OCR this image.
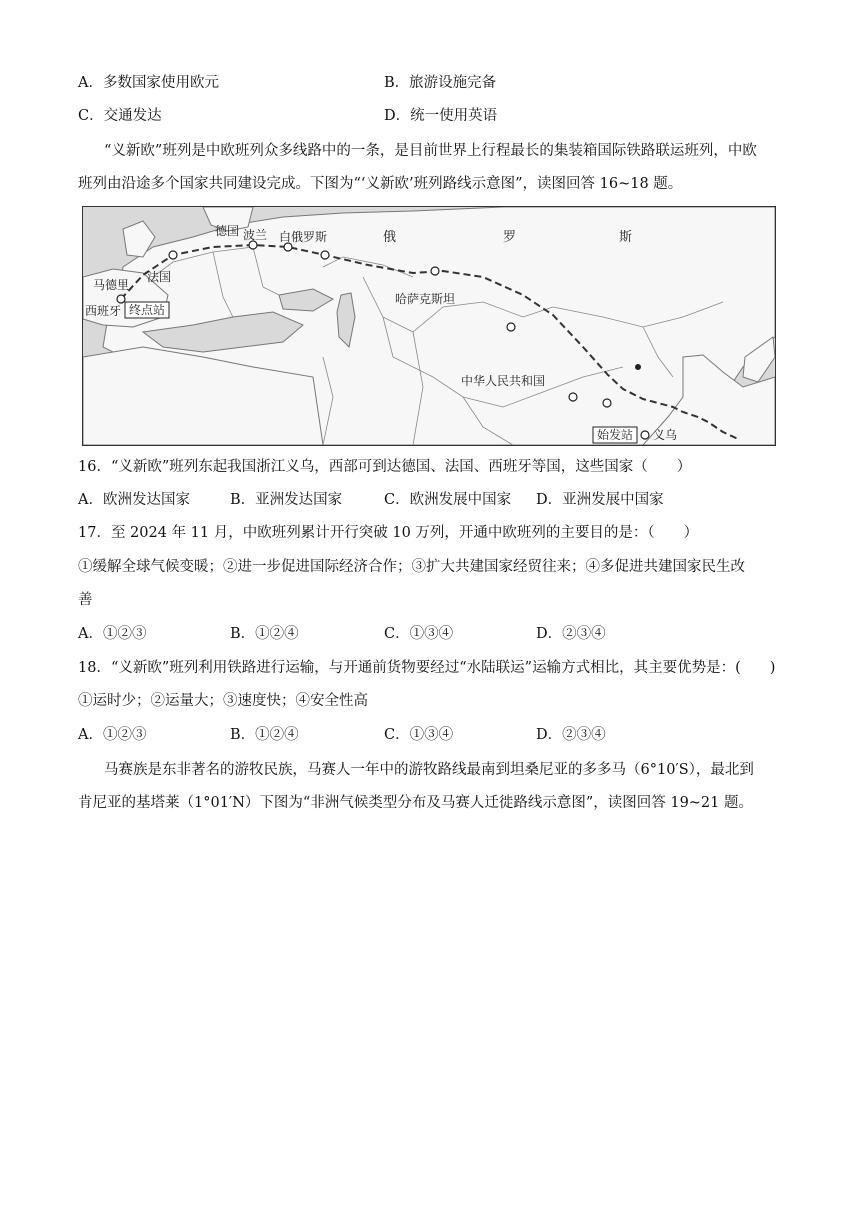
A．多数国家使用欧元	B．旅游设施完备
C．交通发达	D．统一使用英语
“义新欧”班列是中欧班列众多线路中的一条，是目前世界上行程最长的集装箱国际铁路联运班列，中欧
班列由沿途多个国家共同建设完成。下图为“‘义新欧’班列路线示意图”，读图回答 16~18 题。
德国 波兰 白俄罗斯	俄	罗	斯
马德里
法国
西班牙 终点站
哈萨克斯坦
中华人民共和国
始发站 义乌
16．“义新欧”班列东起我国浙江义乌，西部可到达德国、法国、西班牙等国，这些国家（　　）
A．欧洲发达国家	B．亚洲发达国家	C．欧洲发展中国家 D．亚洲发展中国家
17．至 2024 年 11 月，中欧班列累计开行突破 10 万列，开通中欧班列的主要目的是：（　　）
①缓解全球气候变暖；②进一步促进国际经济合作；③扩大共建国家经贸往来；④多促进共建国家民生改
善
A．①②③	B．①②④	C．①③④	D．②③④
18．“义新欧”班列利用铁路进行运输，与开通前货物要经过“水陆联运”运输方式相比，其主要优势是：(　　)
①运时少；②运量大；③速度快；④安全性高
A．①②③	B．①②④	C．①③④	D．②③④
马赛族是东非著名的游牧民族，马赛人一年中的游牧路线最南到坦桑尼亚的多多马（6°10′S），最北到
肯尼亚的基塔莱（1°01′N）下图为“非洲气候类型分布及马赛人迁徙路线示意图”，读图回答 19~21 题。
